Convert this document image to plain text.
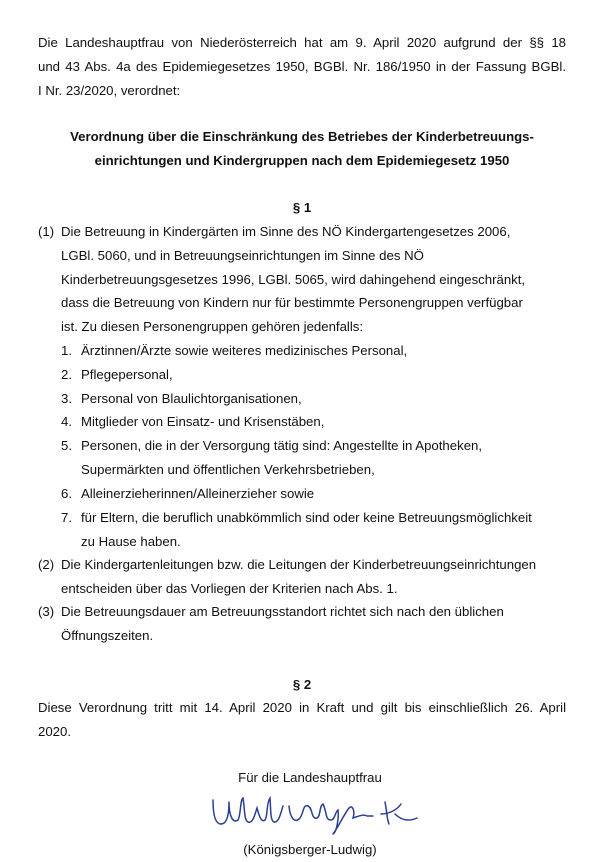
Die Landeshauptfrau von Niederösterreich hat am 9. April 2020 aufgrund der §§ 18
und 43 Abs. 4a des Epidemiegesetzes 1950, BGBl. Nr. 186/1950 in der Fassung BGBl.
I Nr. 23/2020, verordnet:
Verordnung über die Einschränkung des Betriebes der Kinderbetreuungs-
einrichtungen und Kindergruppen nach dem Epidemiegesetz 1950
§ 1
(1) Die Betreuung in Kindergärten im Sinne des NÖ Kindergartengesetzes 2006,
LGBl. 5060, und in Betreuungseinrichtungen im Sinne des NÖ
Kinderbetreuungsgesetzes 1996, LGBl. 5065, wird dahingehend eingeschränkt,
dass die Betreuung von Kindern nur für bestimmte Personengruppen verfügbar
ist. Zu diesen Personengruppen gehören jedenfalls:
1. Ärztinnen/Ärzte sowie weiteres medizinisches Personal,
2. Pflegepersonal,
3. Personal von Blaulichtorganisationen,
4. Mitglieder von Einsatz- und Krisenstäben,
5. Personen, die in der Versorgung tätig sind: Angestellte in Apotheken,
Supermärkten und öffentlichen Verkehrsbetrieben,
6. Alleinerzieherinnen/Alleinerzieher sowie
7. für Eltern, die beruflich unabkömmlich sind oder keine Betreuungsmöglichkeit
zu Hause haben.
(2) Die Kindergartenleitungen bzw. die Leitungen der Kinderbetreuungseinrichtungen
entscheiden über das Vorliegen der Kriterien nach Abs. 1.
(3) Die Betreuungsdauer am Betreuungsstandort richtet sich nach den üblichen
Öffnungszeiten.
§ 2
Diese Verordnung tritt mit 14. April 2020 in Kraft und gilt bis einschließlich 26. April
2020.
Für die Landeshauptfrau
(Königsberger-Ludwig)
